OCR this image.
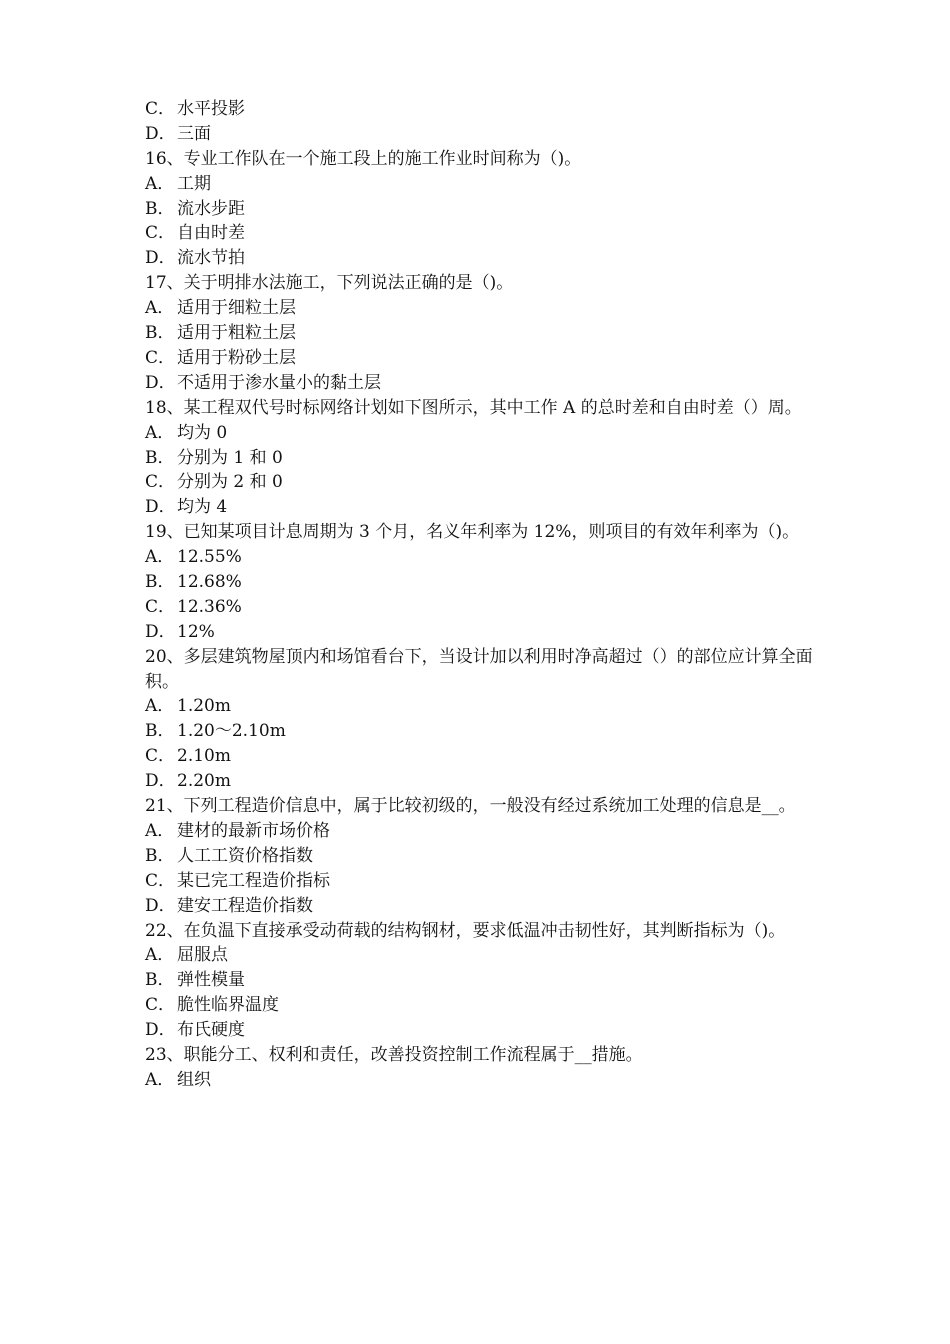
C． 水平投影
D．三面
16、专业工作队在一个施工段上的施工作业时间称为（)。
A． 工期
B． 流水步距
C． 自由时差
D．流水节拍
17、关于明排水法施工，下列说法正确的是（)。
A． 适用于细粒土层
B． 适用于粗粒土层
C． 适用于粉砂土层
D．不适用于渗水量小的黏土层
18、某工程双代号时标网络计划如下图所示，其中工作 A 的总时差和自由时差（）周。
A． 均为 0
B． 分别为 1 和 0
C． 分别为 2 和 0
D．均为 4
19、已知某项目计息周期为 3 个月，名义年利率为 12%，则项目的有效年利率为（)。
A． 12.55%
B． 12.68%
C． 12.36%
D．12%
20、多层建筑物屋顶内和场馆看台下，当设计加以利用时净高超过（）的部位应计算全面积。
A． 1.20m
B． 1.20～2.10m
C． 2.10m
D．2.20m
21、下列工程造价信息中，属于比较初级的，一般没有经过系统加工处理的信息是__。
A． 建材的最新市场价格
B． 人工工资价格指数
C． 某已完工程造价指标
D．建安工程造价指数
22、在负温下直接承受动荷载的结构钢材，要求低温冲击韧性好，其判断指标为（)。
A． 屈服点
B． 弹性模量
C． 脆性临界温度
D．布氏硬度
23、职能分工、权利和责任，改善投资控制工作流程属于__措施。
A． 组织
